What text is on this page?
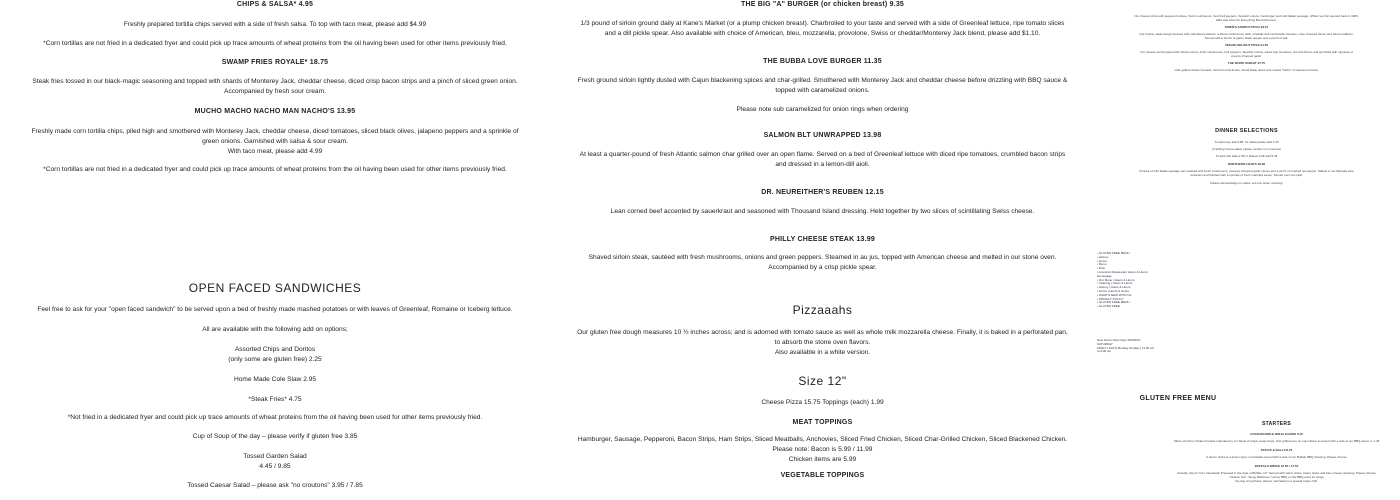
CHIPS & SALSA* 4.95

Freshly prepared tortilla chips served with a side of fresh salsa. To top with taco meat, please add $4.99

*Corn tortillas are not fried in a dedicated fryer and could pick up trace amounts of wheat proteins from the oil having been used for other items previously fried.

SWAMP FRIES ROYALE* 18.75

Steak fries tossed in our black-magic seasoning and topped with shards of Monterey Jack, cheddar cheese, diced crisp bacon strips and a pinch of sliced green onion.

Accompanied by fresh sour cream.

MUCHO MACHO NACHO MAN NACHO'S 13.95

Freshly made corn tortilla chips, piled high and smothered with Monterey Jack, cheddar cheese, diced tomatoes, sliced black olives, jalapeno peppers and a sprinkle of

green onions. Garnished with salsa & sour cream.

With taco meat, please add 4.99

*Corn tortillas are not fried in a dedicated fryer and could pick up trace amounts of wheat proteins from the oil having been used for other items previously fried.

OPEN FACED SANDWICHES

Feel free to ask for your "open faced sandwich" to be served upon a bed of freshly made mashed potatoes or with leaves of Greenleaf, Romaine or Iceberg lettuce.

All are available with the following add on options;

Assorted Chips and Doritos

(only some are gluten free) 2.25

Home Made Cole Slaw 2.95

*Steak Fries* 4.75

*Not fried in a dedicated fryer and could pick up trace amounts of wheat proteins from the oil having been used for other items previously fried.

Cup of Soup of the day – please verify if gluten free 3.85

Tossed Garden Salad

4.45 / 9.85

Tossed Caesar Salad – please ask "no croutons" 3.95 / 7.85

THE BIG "A" BURGER (or chicken breast) 9.35

1/3 pound of sirloin ground daily at Kane's Market (or a plump chicken breast). Charbroiled to your taste and served with a side of Greenleaf lettuce, ripe tomato slices

and a dill pickle spear. Also available with choice of American, bleu, mozzarella, provolone, Swiss or cheddar/Monterey Jack blend, please add $1.10.

THE BUBBA LOVE BURGER 11.35

Fresh ground sirloin lightly dusted with Cajun blackening spices and char-grilled. Smothered with Monterey Jack and cheddar cheese before drizzling with BBQ sauce &

topped with caramelized onions.

Please note sub caramelized for onion rings when ordering

SALMON BLT UNWRAPPED 13.98

At least a quarter-pound of fresh Atlantic salmon char grilled over an open flame. Served on a bed of Greenleaf lettuce with diced ripe tomatoes, crumbled bacon strips

and dressed in a lemon-dill aioli.

DR. NEUREITHER'S REUBEN 12.15

Lean corned beef accented by sauerkraut and seasoned with Thousand Island dressing. Held together by two slices of scintillating Swiss cheese.

PHILLY CHEESE STEAK 13.99

Shaved sirloin steak, sautéed with fresh mushrooms, onions and green peppers. Steamed in au jus, topped with American cheese and melted in our stone oven.

Accompanied by a crisp pickle spear.

Pizzaaahs

Our gluten free dough measures 10 ½ inches across; and is adorned with tomato sauce as well as whole milk mozzarella cheese. Finally, it is baked in a perforated pan,

to absorb the stone oven flavors.

Also available in a white version.

Size 12"

Cheese Pizza 15.75 Toppings (each) 1.99

MEAT TOPPINGS

Hamburger, Sausage, Pepperoni, Bacon Strips, Ham Strips, Sliced Meatballs, Anchovies, Sliced Fried Chicken, Sliced Char-Grilled Chicken, Sliced Blackened Chicken.

Please note: Bacon is 5.99 / 11.99

Chicken items are 5.99

VEGETABLE TOPPINGS

Our cheese pizza with pepperoni slices, fresh mushrooms, fresh bell peppers, Spanish onions, hamburger and mild Italian sausage. (When we first opened back in 1984,

EBA was short for Everything But Anchovies).

OWEN'S FAMOUS PIZZA 23.15

Our freshly made dough dressed with marinated potatoes, a blend of Monterey Jack, cheddar and mozzarella cheeses, crisp chopped bacon and sliced scallions.

Served with a bunch of garlic, black pepper and a pinch of salt.

VEGGIE DELIGHT PIZZA 21.65

Our cheese pizza topped with sliced onions, fresh mushrooms, bell peppers, Spanish onions, sliced ripe tomatoes, broccoli florets and sprinkled with toppings of

creamy chopped garlic.

THE WHITE KNIGHT 27.75

chile grilled chicken breasts, fresh broccoli florets, sliced black olives and melted "blobs" of seasoned ricotta.

DINNER SELECTIONS

To add soup add 3.85; for salad please add 4.45

(If adding house salad, please mention no croutons)

To add cold slaw 2.95 or Deluxe Chili add 5.35

NORTHERN LIGHTS 18.99

Chunks of mild Italian sausage pan sautéed with fresh mushrooms, coarsely chopped garlic cloves and a pinch of crushed red pepper. Slaked in our Marsala wine

reduction and finished with a sprinkle of fresh marinara sauce. Served over rice pilaf.

Please acknowledge no pasta; sub rice when ordering!

• GLUTEN FREE MENU
• History
• Home
• Menu
• Dine
• American Restaurant Hours & Hours Homepage
• Our Menu | Hours & Hours
• Catering | Hours & Hours
• History | Hours & Hours
• Home | Hours & Hours
• WHAT'S NEW WITH US
• PRIVACY POLICY
• GLUTEN FREE MENU
• GLUTEN FREE

New Hours Now Open MONDAY-SATURDAY

OPEN 7 DAYS Monday-Sunday | 11:00 am to 9:00 pm

GLUTEN FREE MENU

STARTERS

COCKADOODLE-DIDJA KAAWK 8.15

Strips of plump chicken breasts marinated in our blend of Cajun seasonings, char grilled over an open flame & served with a side of our BBQ sauce or 1.45

STICKS & BALLS 8.75

A dozen sticks & a dozen spicy mozzarella served with a side of our Buffalo BBQ dressing. Please choose

BUFFALO WINGS 12.65 / 17.55

Actually, they're from Cleveland! Prepared in the style of Buffalo, NY. Served with carrot sticks, celery sticks and blue cheese dressing. Please choose

"Classic Hot", Tangy Barbecue, Honey BBQ or Hot BBQ extra for wings

the day of purchase, flavors marinated in a special Cajun chili.
